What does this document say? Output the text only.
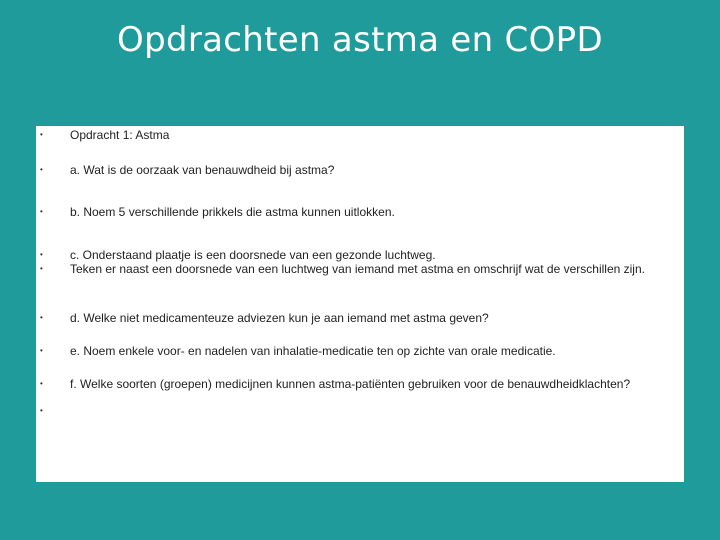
Opdrachten astma en COPD
• Opdracht 1: Astma
• a. Wat is de oorzaak van benauwdheid bij astma?
• b. Noem 5 verschillende prikkels die astma kunnen uitlokken.
• c. Onderstaand plaatje is een doorsnede van een gezonde luchtweg.
• Teken er naast een doorsnede van een luchtweg van iemand met astma en omschrijf wat de verschillen zijn.
• d. Welke niet medicamenteuze adviezen kun je aan iemand met astma geven?
• e. Noem enkele voor- en nadelen van inhalatie-medicatie ten op zichte van orale medicatie.
• f. Welke soorten (groepen) medicijnen kunnen astma-patiënten gebruiken voor de benauwdheidklachten?
•
